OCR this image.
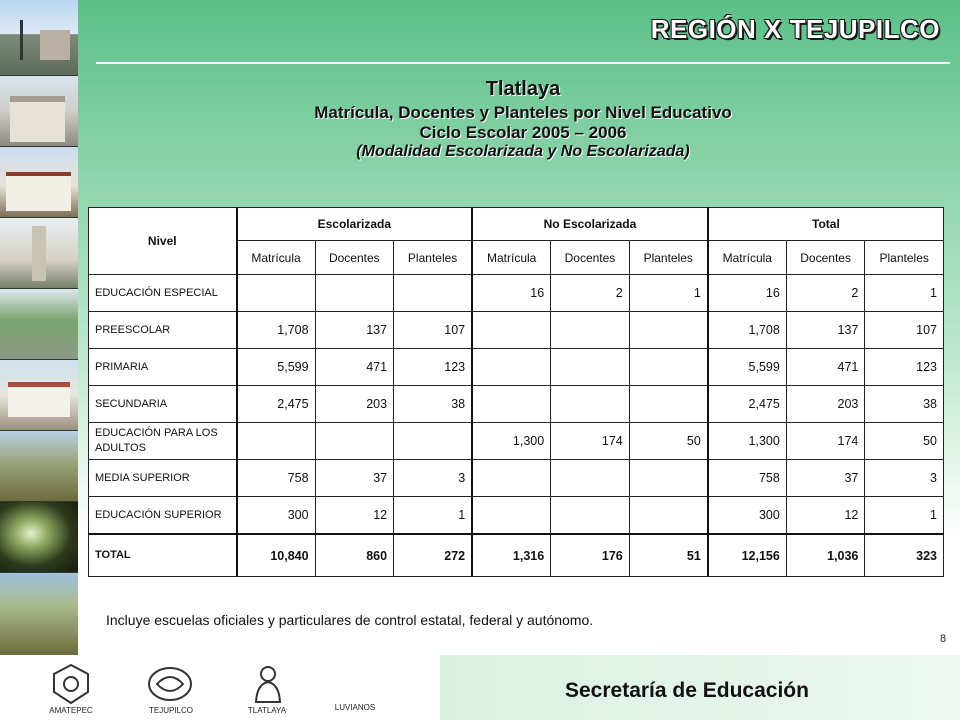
REGIÓN X TEJUPILCO
Tlatlaya
Matrícula, Docentes y Planteles por Nivel Educativo
Ciclo Escolar 2005 – 2006
(Modalidad Escolarizada y No Escolarizada)
Nivel	Escolarizada			No Escolarizada			Total		
	Matrícula	Docentes	Planteles	Matrícula	Docentes	Planteles	Matrícula	Docentes	Planteles
EDUCACIÓN ESPECIAL				16	2	1	16	2	1
PREESCOLAR	1,708	137	107				1,708	137	107
PRIMARIA	5,599	471	123				5,599	471	123
SECUNDARIA	2,475	203	38				2,475	203	38
EDUCACIÓN PARA LOS ADULTOS				1,300	174	50	1,300	174	50
MEDIA SUPERIOR	758	37	3				758	37	3
EDUCACIÓN SUPERIOR	300	12	1				300	12	1
TOTAL	10,840	860	272	1,316	176	51	12,156	1,036	323
Incluye escuelas oficiales y particulares de control estatal, federal y autónomo.
8
Secretaría de Educación
AMATEPEC	TEJUPILCO	TLATLAYA	LUVIANOS
